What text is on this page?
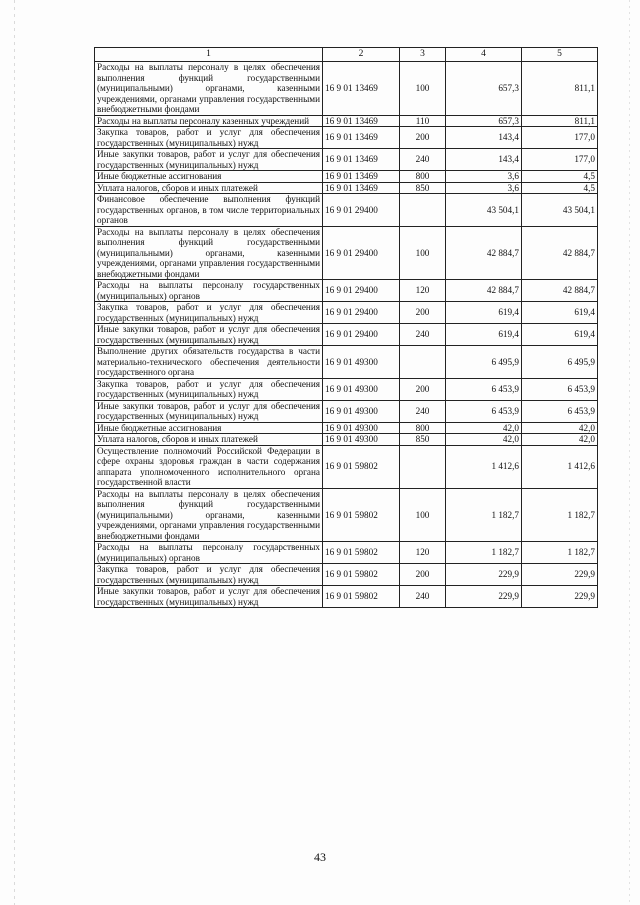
1	2	3	4	5
Расходы на выплаты персоналу в целях обеспечения выполнения функций государственными (муниципальными) органами, казенными учреждениями, органами управления государственными внебюджетными фондами	16 9 01 13469	100	657,3	811,1
Расходы на выплаты персоналу казенных учреждений	16 9 01 13469	110	657,3	811,1
Закупка товаров, работ и услуг для обеспечения государственных (муниципальных) нужд	16 9 01 13469	200	143,4	177,0
Иные закупки товаров, работ и услуг для обеспечения государственных (муниципальных) нужд	16 9 01 13469	240	143,4	177,0
Иные бюджетные ассигнования	16 9 01 13469	800	3,6	4,5
Уплата налогов, сборов и иных платежей	16 9 01 13469	850	3,6	4,5
Финансовое обеспечение выполнения функций государственных органов, в том числе территориальных органов	16 9 01 29400		43 504,1	43 504,1
Расходы на выплаты персоналу в целях обеспечения выполнения функций государственными (муниципальными) органами, казенными учреждениями, органами управления государственными внебюджетными фондами	16 9 01 29400	100	42 884,7	42 884,7
Расходы на выплаты персоналу государственных (муниципальных) органов	16 9 01 29400	120	42 884,7	42 884,7
Закупка товаров, работ и услуг для обеспечения государственных (муниципальных) нужд	16 9 01 29400	200	619,4	619,4
Иные закупки товаров, работ и услуг для обеспечения государственных (муниципальных) нужд	16 9 01 29400	240	619,4	619,4
Выполнение других обязательств государства в части материально-технического обеспечения деятельности государственного органа	16 9 01 49300		6 495,9	6 495,9
Закупка товаров, работ и услуг для обеспечения государственных (муниципальных) нужд	16 9 01 49300	200	6 453,9	6 453,9
Иные закупки товаров, работ и услуг для обеспечения государственных (муниципальных) нужд	16 9 01 49300	240	6 453,9	6 453,9
Иные бюджетные ассигнования	16 9 01 49300	800	42,0	42,0
Уплата налогов, сборов и иных платежей	16 9 01 49300	850	42,0	42,0
Осуществление полномочий Российской Федерации в сфере охраны здоровья граждан в части содержания аппарата уполномоченного исполнительного органа государственной власти	16 9 01 59802		1 412,6	1 412,6
Расходы на выплаты персоналу в целях обеспечения выполнения функций государственными (муниципальными) органами, казенными учреждениями, органами управления государственными внебюджетными фондами	16 9 01 59802	100	1 182,7	1 182,7
Расходы на выплаты персоналу государственных (муниципальных) органов	16 9 01 59802	120	1 182,7	1 182,7
Закупка товаров, работ и услуг для обеспечения государственных (муниципальных) нужд	16 9 01 59802	200	229,9	229,9
Иные закупки товаров, работ и услуг для обеспечения государственных (муниципальных) нужд	16 9 01 59802	240	229,9	229,9
43
